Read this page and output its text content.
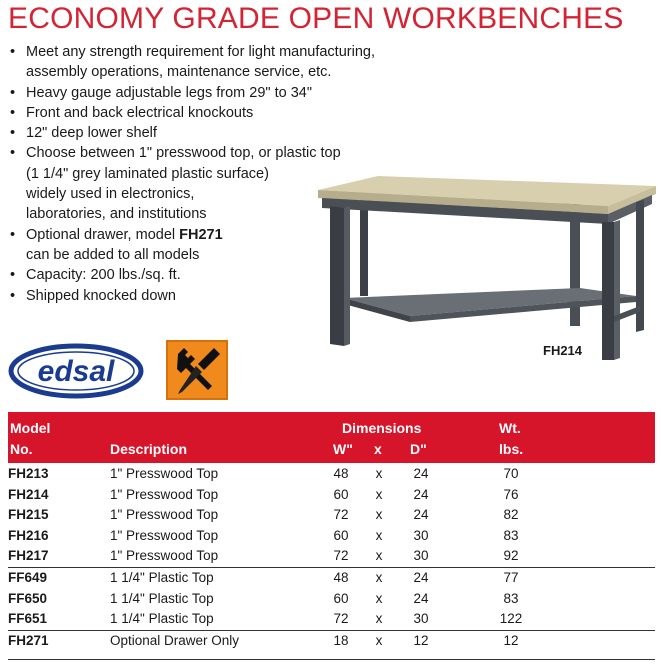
ECONOMY GRADE OPEN WORKBENCHES
• Meet any strength requirement for light manufacturing,
assembly operations, maintenance service, etc.
• Heavy gauge adjustable legs from 29" to 34"
• Front and back electrical knockouts
• 12" deep lower shelf
• Choose between 1" presswood top, or plastic top
(1 1/4" grey laminated plastic surface)
widely used in electronics,
laboratories, and institutions
• Optional drawer, model FH271
can be added to all models
• Capacity: 200 lbs./sq. ft.
• Shipped knocked down
FH214
edsal
Model
No.	Description
Dimensions
W" x D"
Wt.
lbs.
FH213	1" Presswood Top	48	x	24	70
FH214	1" Presswood Top	60	x	24	76
FH215	1" Presswood Top	72	x	24	82
FH216	1" Presswood Top	60	x	30	83
FH217	1" Presswood Top	72	x	30	92
FF649	1 1/4" Plastic Top	48	x	24	77
FF650	1 1/4" Plastic Top	60	x	24	83
FF651	1 1/4" Plastic Top	72	x	30	122
FH271	Optional Drawer Only	18	x	12	12
